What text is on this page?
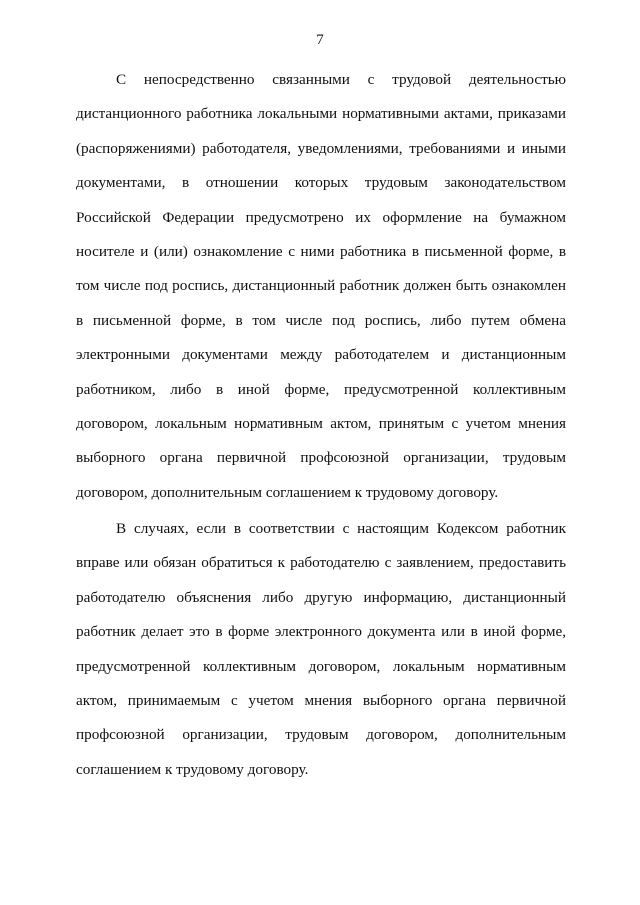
7
С непосредственно связанными с трудовой деятельностью
дистанционного работника локальными нормативными актами, приказами
(распоряжениями) работодателя, уведомлениями, требованиями и иными
документами, в отношении которых трудовым законодательством
Российской Федерации предусмотрено их оформление на бумажном
носителе и (или) ознакомление с ними работника в письменной форме, в
том числе под роспись, дистанционный работник должен быть ознакомлен
в письменной форме, в том числе под роспись, либо путем обмена
электронными документами между работодателем и дистанционным
работником, либо в иной форме, предусмотренной коллективным
договором, локальным нормативным актом, принятым с учетом мнения
выборного органа первичной профсоюзной организации, трудовым
договором, дополнительным соглашением к трудовому договору.
В случаях, если в соответствии с настоящим Кодексом работник
вправе или обязан обратиться к работодателю с заявлением, предоставить
работодателю объяснения либо другую информацию, дистанционный
работник делает это в форме электронного документа или в иной форме,
предусмотренной коллективным договором, локальным нормативным
актом, принимаемым с учетом мнения выборного органа первичной
профсоюзной организации, трудовым договором, дополнительным
соглашением к трудовому договору.
